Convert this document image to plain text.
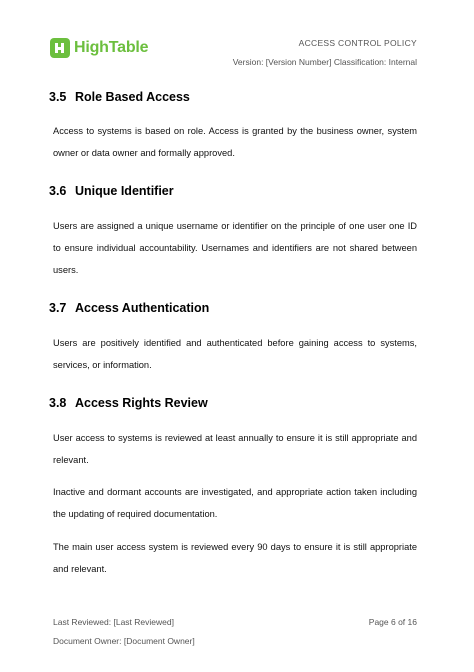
HighTable	ACCESS CONTROL POLICY
Version: [Version Number] Classification: Internal
3.5 Role Based Access
Access to systems is based on role. Access is granted by the business owner, system owner or data owner and formally approved.
3.6 Unique Identifier
Users are assigned a unique username or identifier on the principle of one user one ID to ensure individual accountability. Usernames and identifiers are not shared between users.
3.7 Access Authentication
Users are positively identified and authenticated before gaining access to systems, services, or information.
3.8 Access Rights Review
User access to systems is reviewed at least annually to ensure it is still appropriate and relevant.
Inactive and dormant accounts are investigated, and appropriate action taken including the updating of required documentation.
The main user access system is reviewed every 90 days to ensure it is still appropriate and relevant.
Last Reviewed: [Last Reviewed]	Page 6 of 16
Document Owner: [Document Owner]
